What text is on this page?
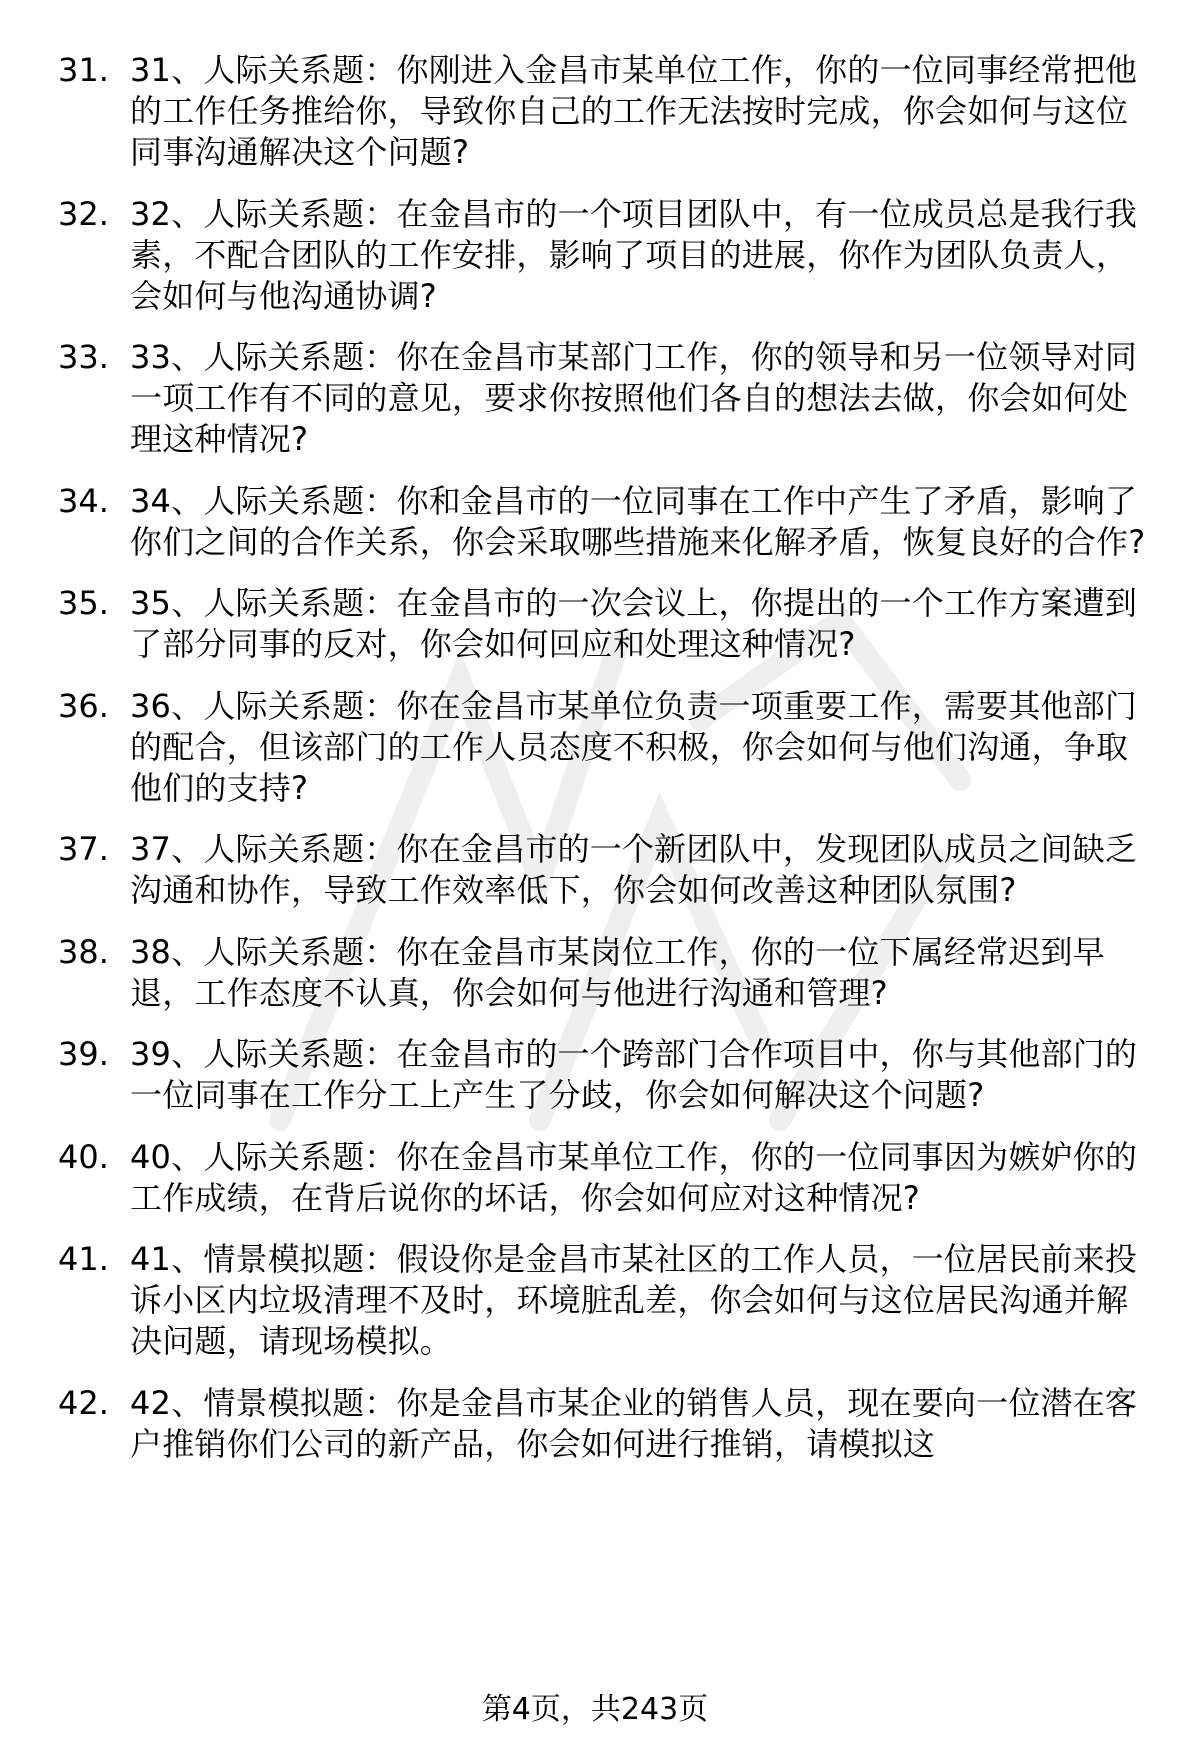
31. 31、人际关系题：你刚进入金昌市某单位工作，你的一位同事经常把他的工作任务推给你，导致你自己的工作无法按时完成，你会如何与这位同事沟通解决这个问题?
32. 32、人际关系题：在金昌市的一个项目团队中，有一位成员总是我行我素，不配合团队的工作安排，影响了项目的进展，你作为团队负责人，会如何与他沟通协调?
33. 33、人际关系题：你在金昌市某部门工作，你的领导和另一位领导对同一项工作有不同的意见，要求你按照他们各自的想法去做，你会如何处理这种情况?
34. 34、人际关系题：你和金昌市的一位同事在工作中产生了矛盾，影响了你们之间的合作关系，你会采取哪些措施来化解矛盾，恢复良好的合作?
35. 35、人际关系题：在金昌市的一次会议上，你提出的一个工作方案遭到了部分同事的反对，你会如何回应和处理这种情况?
36. 36、人际关系题：你在金昌市某单位负责一项重要工作，需要其他部门的配合，但该部门的工作人员态度不积极，你会如何与他们沟通，争取他们的支持?
37. 37、人际关系题：你在金昌市的一个新团队中，发现团队成员之间缺乏沟通和协作，导致工作效率低下，你会如何改善这种团队氛围?
38. 38、人际关系题：你在金昌市某岗位工作，你的一位下属经常迟到早退，工作态度不认真，你会如何与他进行沟通和管理?
39. 39、人际关系题：在金昌市的一个跨部门合作项目中，你与其他部门的一位同事在工作分工上产生了分歧，你会如何解决这个问题?
40. 40、人际关系题：你在金昌市某单位工作，你的一位同事因为嫉妒你的工作成绩，在背后说你的坏话，你会如何应对这种情况?
41. 41、情景模拟题：假设你是金昌市某社区的工作人员，一位居民前来投诉小区内垃圾清理不及时，环境脏乱差，你会如何与这位居民沟通并解决问题，请现场模拟。
42. 42、情景模拟题：你是金昌市某企业的销售人员，现在要向一位潜在客户推销你们公司的新产品，你会如何进行推销，请模拟这
第4页，共243页
